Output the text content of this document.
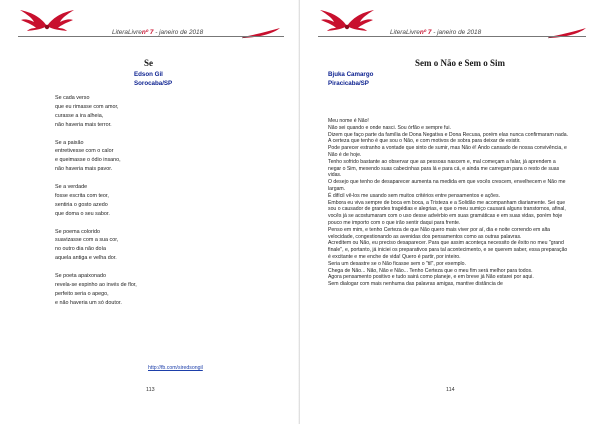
LiteraLivrenº 7 - janeiro de 2018
Se
Edson Gil
Sorocaba/SP

Se cada verso
que eu rimasse com amor,
curasse a ira alheia,
não haveria mais terror.

Se a paixão
entretivesse com o calor
e queimasse o ódio insano,
não haveria mais pavor.

Se a verdade
fosse escrita com teor,
sentiria o gosto azedo
que doma o seu sabor.

Se poema colorido
suavizasse com a sua cor,
no outro dia não doía
aquela antiga e velha dor.

Se poeta apaixonado
revela-se espinho ao invés de flor,
perfeito seria o apego,
e não haveria um só doutor.

http://fb.com/siredsongil
113
LiteraLivrenº 7 - janeiro de 2018
Sem o Não e Sem o Sim
Bjuka Camargo
Piracicaba/SP
114

Meu nome é Não!

Não sei quando e onde nasci. Sou órfão e sempre fui.

Dizem que faço parte da família de Dona Negativa e Dona Recusa, porém elas nunca confirmaram nada.

A certeza que tenho é que sou o Não, e com motivos de sobra para deixar de existir.

Pode parecer estranho a vontade que sinto de sumir, mas Não é! Ando cansado de nossa convivência, e Não é de hoje.

Tenho sofrido bastante ao observar que as pessoas nascem e, mal começam a falar, já aprendem a negar o Sim, mexendo suas cabecinhas para lá e para cá, e ainda me carregam para o resto de suas vidas.

O desejo que tenho de desaparecer aumenta na medida em que vocês crescem, envelhecem e Não me largam.

É difícil vê-los me usando sem muitos critérios entre pensamentos e ações.

Embora eu viva sempre de boca em boca, a Tristeza e a Solidão me acompanham diariamente. Sei que sou o causador de grandes tragédias e alegrias, e que o meu sumiço causará alguns transtornos, afinal, vocês já se acostumaram com o uso desse advérbio em suas gramáticas e em suas vidas, porém hoje pouco me importo com o que irão sentir daqui para frente.

Penso em mim, e tenho Certeza de que Não quero mais viver por aí, dia e noite correndo em alta velocidade, congestionando as avenidas dos pensamentos como as outras palavras.

Acreditem ou Não, eu preciso desaparecer. Para que assim aconteça necessito de êxito no meu "grand finale", e, portanto, já iniciei os preparativos para tal acontecimento, e se querem saber, essa preparação é excitante e me enche de vida! Quero é partir, por inteiro.

Seria um desastre se o Não ficasse sem o "til", por exemplo.

Chega de Não... Não, Não e Não... Tenho Certeza que o meu fim será melhor para todos.

Agora pensamento positivo e tudo sairá como planeje, e em breve já Não estarei por aqui.

Sem dialogar com mais nenhuma das palavras amigas, mantive distância de
